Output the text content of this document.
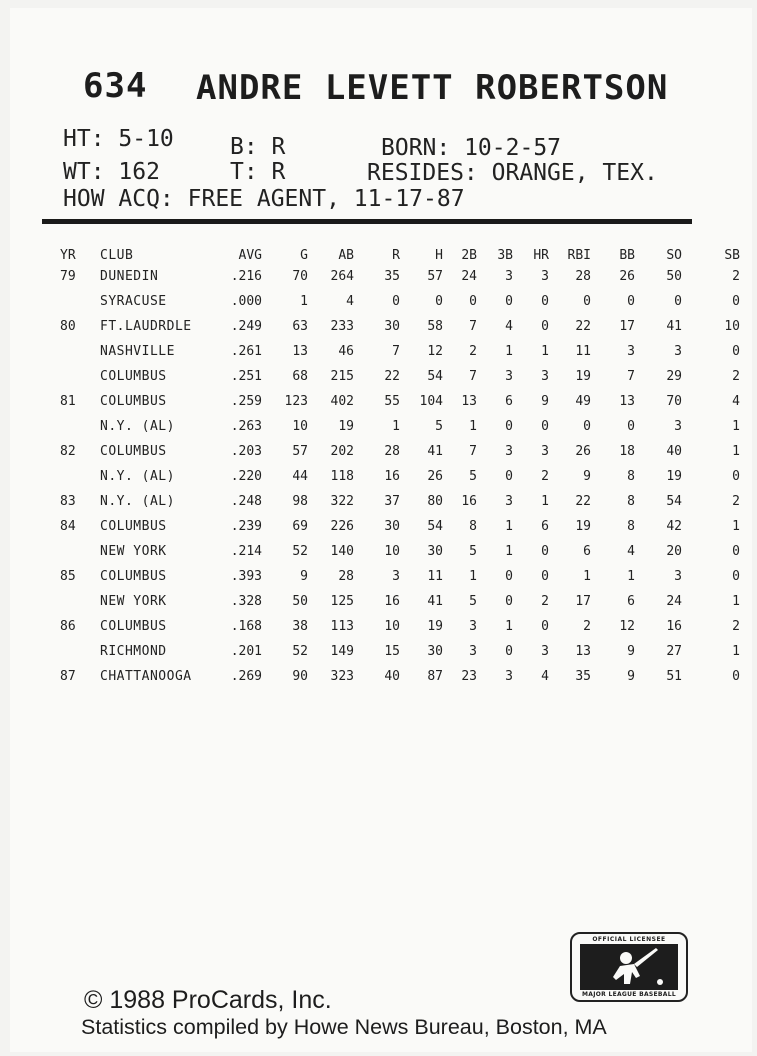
634 ANDRE LEVETT ROBERTSON
HT: 5-10 B: R	BORN: 10-2-57
WT: 162	T: R	RESIDES: ORANGE, TEX.
HOW ACQ: FREE AGENT, 11-17-87
YR	CLUB	AVG	G	AB	R	H	2B	3B	HR	RBI	BB	SO	SB
79	DUNEDIN	.216	70	264	35	57	24	3	3	28	26	50	2
	SYRACUSE	.000	1	4	0	0	0	0	0	0	0	0	0
80	FT.LAUDRDLE	.249	63	233	30	58	7	4	0	22	17	41	10
	NASHVILLE	.261	13	46	7	12	2	1	1	11	3	3	0
	COLUMBUS	.251	68	215	22	54	7	3	3	19	7	29	2
81	COLUMBUS	.259	123	402	55	104	13	6	9	49	13	70	4
	N.Y. (AL)	.263	10	19	1	5	1	0	0	0	0	3	1
82	COLUMBUS	.203	57	202	28	41	7	3	3	26	18	40	1
	N.Y. (AL)	.220	44	118	16	26	5	0	2	9	8	19	0
83	N.Y. (AL)	.248	98	322	37	80	16	3	1	22	8	54	2
84	COLUMBUS	.239	69	226	30	54	8	1	6	19	8	42	1
	NEW YORK	.214	52	140	10	30	5	1	0	6	4	20	0
85	COLUMBUS	.393	9	28	3	11	1	0	0	1	1	3	0
	NEW YORK	.328	50	125	16	41	5	0	2	17	6	24	1
86	COLUMBUS	.168	38	113	10	19	3	1	0	2	12	16	2
	RICHMOND	.201	52	149	15	30	3	0	3	13	9	27	1
87	CHATTANOOGA	.269	90	323	40	87	23	3	4	35	9	51	0
OFFICIAL LICENSEE
MAJOR LEAGUE BASEBALL
© 1988 ProCards, Inc.
Statistics compiled by Howe News Bureau, Boston, MA
